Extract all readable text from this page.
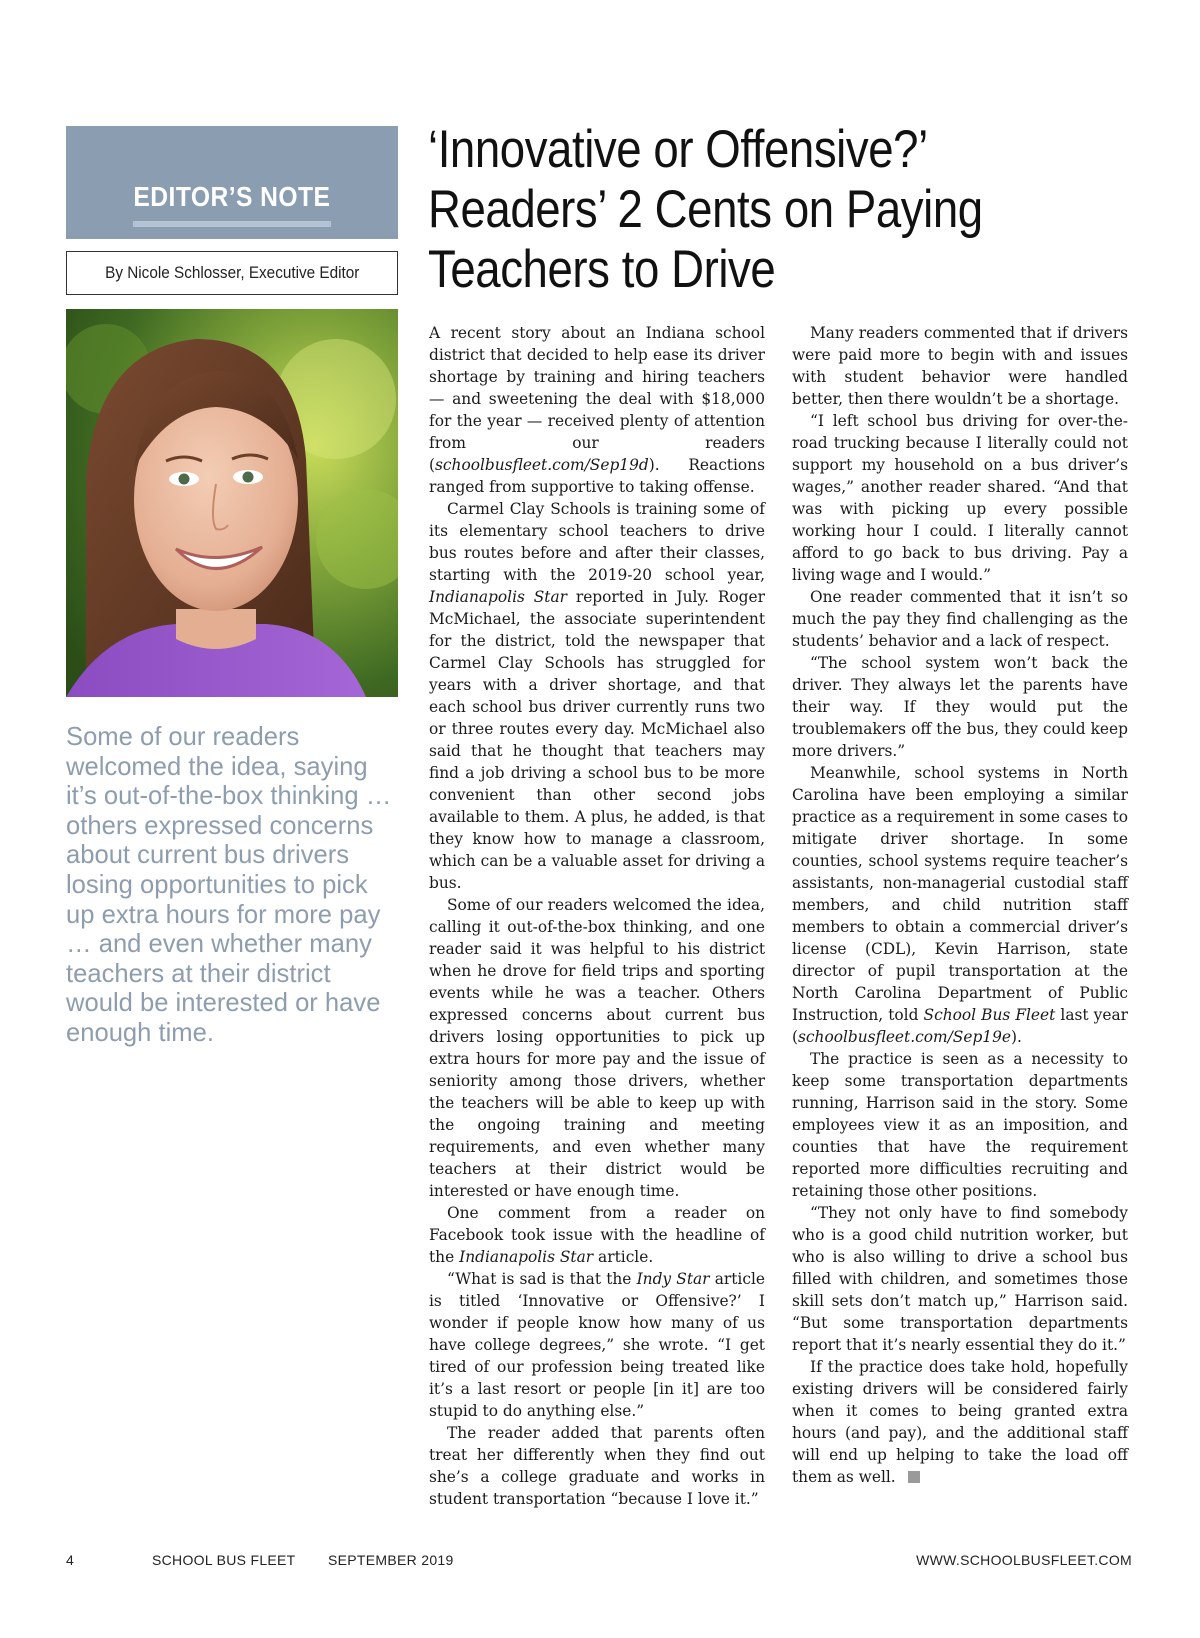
EDITOR’S NOTE
By Nicole Schlosser, Executive Editor
Some of our readers welcomed the idea, saying it’s out-of-the-box thinking … others expressed concerns about current bus drivers losing opportunities to pick up extra hours for more pay … and even whether many teachers at their district would be interested or have enough time.
‘Innovative or Offensive?’
Readers’ 2 Cents on Paying
Teachers to Drive

A recent story about an Indiana school district that decided to help ease its driver shortage by training and hiring teachers — and sweetening the deal with $18,000 for the year — received plenty of attention from our readers (schoolbusfleet.com/Sep19d). Reactions ranged from supportive to taking offense.

Carmel Clay Schools is training some of its elementary school teachers to drive bus routes before and after their classes, starting with the 2019-20 school year, Indianapolis Star reported in July. Roger McMichael, the associate superintendent for the district, told the newspaper that Carmel Clay Schools has struggled for years with a driver shortage, and that each school bus driver currently runs two or three routes every day. McMichael also said that he thought that teachers may find a job driving a school bus to be more convenient than other second jobs available to them. A plus, he added, is that they know how to manage a classroom, which can be a valuable asset for driving a bus.

Some of our readers welcomed the idea, calling it out-of-the-box thinking, and one reader said it was helpful to his district when he drove for field trips and sporting events while he was a teacher. Others expressed concerns about current bus drivers losing opportunities to pick up extra hours for more pay and the issue of seniority among those drivers, whether the teachers will be able to keep up with the ongoing training and meeting requirements, and even whether many teachers at their district would be interested or have enough time.

One comment from a reader on Facebook took issue with the headline of the Indianapolis Star article.

“What is sad is that the Indy Star article is titled ‘Innovative or Offensive?’ I wonder if people know how many of us have college degrees,” she wrote. “I get tired of our profession being treated like it’s a last resort or people [in it] are too stupid to do anything else.”

The reader added that parents often treat her differently when they find out she’s a college graduate and works in student transportation “because I love it.”

Many readers commented that if drivers were paid more to begin with and issues with student behavior were handled better, then there wouldn’t be a shortage.

“I left school bus driving for over-the-road trucking because I literally could not support my household on a bus driver’s wages,” another reader shared. “And that was with picking up every possible working hour I could. I literally cannot afford to go back to bus driving. Pay a living wage and I would.”

One reader commented that it isn’t so much the pay they find challenging as the students’ behavior and a lack of respect.

“The school system won’t back the driver. They always let the parents have their way. If they would put the troublemakers off the bus, they could keep more drivers.”

Meanwhile, school systems in North Carolina have been employing a similar practice as a requirement in some cases to mitigate driver shortage. In some counties, school systems require teacher’s assistants, non-managerial custodial staff members, and child nutrition staff members to obtain a commercial driver’s license (CDL), Kevin Harrison, state director of pupil transportation at the North Carolina Department of Public Instruction, told School Bus Fleet last year (schoolbusfleet.com/Sep19e).

The practice is seen as a necessity to keep some transportation departments running, Harrison said in the story. Some employees view it as an imposition, and counties that have the requirement reported more difficulties recruiting and retaining those other positions.

“They not only have to find somebody who is a good child nutrition worker, but who is also willing to drive a school bus filled with children, and sometimes those skill sets don’t match up,” Harrison said. “But some transportation departments report that it’s nearly essential they do it.”

If the practice does take hold, hopefully existing drivers will be considered fairly when it comes to being granted extra hours (and pay), and the additional staff will end up helping to take the load off them as well.

4	SCHOOL BUS FLEET SEPTEMBER 2019	WWW.SCHOOLBUSFLEET.COM
